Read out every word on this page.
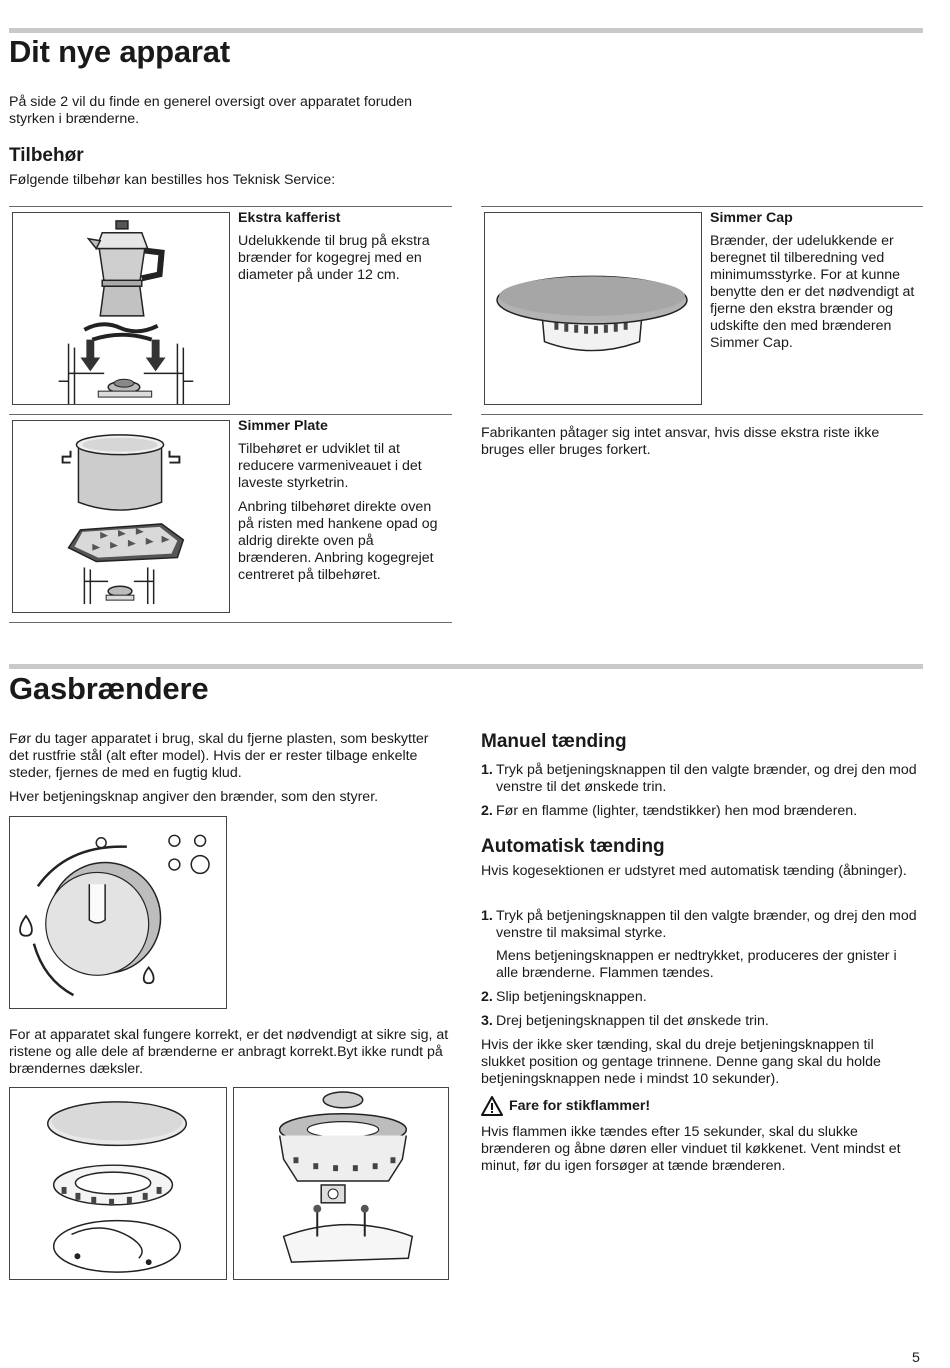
Dit nye apparat
På side 2 vil du finde en generel oversigt over apparatet foruden styrken i brænderne.
Tilbehør
Følgende tilbehør kan bestilles hos Teknisk Service:
Ekstra kafferist
Udelukkende til brug på ekstra brænder for kogegrej med en diameter på under 12 cm.
Simmer Cap
Brænder, der udelukkende er beregnet til tilberedning ved minimumsstyrke. For at kunne benytte den er det nødvendigt at fjerne den ekstra brænder og udskifte den med brænderen Simmer Cap.
Simmer Plate
Tilbehøret er udviklet til at reducere varmeniveauet i det laveste styrketrin.
Anbring tilbehøret direkte oven på risten med hankene opad og aldrig direkte oven på brænderen. Anbring kogegrejet centreret på tilbehøret.
Fabrikanten påtager sig intet ansvar, hvis disse ekstra riste ikke bruges eller bruges forkert.
Gasbrændere
Før du tager apparatet i brug, skal du fjerne plasten, som beskytter det rustfrie stål (alt efter model). Hvis der er rester tilbage enkelte steder, fjernes de med en fugtig klud.
Hver betjeningsknap angiver den brænder, som den styrer.
For at apparatet skal fungere korrekt, er det nødvendigt at sikre sig, at ristene og alle dele af brænderne er anbragt korrekt.Byt ikke rundt på brændernes dæksler.
Manuel tænding
1. Tryk på betjeningsknappen til den valgte brænder, og drej den mod venstre til det ønskede trin.
2. Før en flamme (lighter, tændstikker) hen mod brænderen.
Automatisk tænding
Hvis kogesektionen er udstyret med automatisk tænding (åbninger).
1. Tryk på betjeningsknappen til den valgte brænder, og drej den mod venstre til maksimal styrke.
Mens betjeningsknappen er nedtrykket, produceres der gnister i alle brænderne. Flammen tændes.
2. Slip betjeningsknappen.
3. Drej betjeningsknappen til det ønskede trin.
Hvis der ikke sker tænding, skal du dreje betjeningsknappen til slukket position og gentage trinnene. Denne gang skal du holde betjeningsknappen nede i mindst 10 sekunder).
Fare for stikflammer!
Hvis flammen ikke tændes efter 15 sekunder, skal du slukke brænderen og åbne døren eller vinduet til køkkenet. Vent mindst et minut, før du igen forsøger at tænde brænderen.
5
